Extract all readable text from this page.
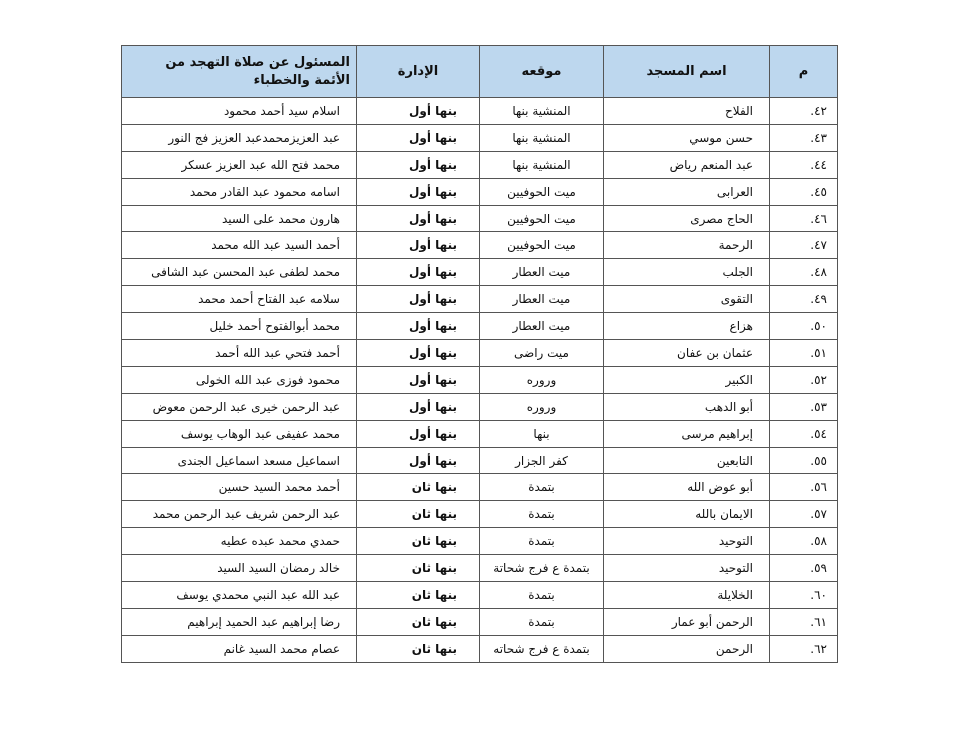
م	اسم المسجد	موقعه	الإدارة	المسئول عن صلاة التهجد من الأئمة والخطباء
٤٢.	الفلاح	المنشية بنها	بنها أول	اسلام سيد أحمد محمود
٤٣.	حسن موسي	المنشية بنها	بنها أول	عبد العزيزمحمدعبد العزيز فج النور
٤٤.	عبد المنعم رياض	المنشية بنها	بنها أول	محمد فتح الله عبد العزيز عسكر
٤٥.	العرابى	ميت الحوفيين	بنها أول	اسامه محمود عبد القادر محمد
٤٦.	الحاج مصرى	ميت الحوفيين	بنها أول	هارون محمد على السيد
٤٧.	الرحمة	ميت الحوفيين	بنها أول	أحمد السيد عبد الله محمد
٤٨.	الجلب	ميت العطار	بنها أول	محمد لطفى عبد المحسن عبد الشافى
٤٩.	التقوى	ميت العطار	بنها أول	سلامه عبد الفتاح أحمد محمد
٥٠.	هزاع	ميت العطار	بنها أول	محمد أبوالفتوح أحمد خليل
٥١.	عثمان بن عفان	ميت راضى	بنها أول	أحمد فتحي عبد الله أحمد
٥٢.	الكبير	وروره	بنها أول	محمود فوزى عبد الله الخولى
٥٣.	أبو الدهب	وروره	بنها أول	عبد الرحمن خيرى عبد الرحمن معوض
٥٤.	إبراهيم مرسى	بنها	بنها أول	محمد عفيفى عبد الوهاب يوسف
٥٥.	التابعين	كفر الجزار	بنها أول	اسماعيل مسعد اسماعيل الجندى
٥٦.	أبو عوض الله	بتمدة	بنها ثان	أحمد محمد السيد حسين
٥٧.	الايمان بالله	بتمدة	بنها ثان	عبد الرحمن شريف عبد الرحمن محمد
٥٨.	التوحيد	بتمدة	بنها ثان	حمدي محمد عبده عطيه
٥٩.	التوحيد	بتمدة ع فرج شحاتة	بنها ثان	خالد رمضان السيد السيد
٦٠.	الخلايلة	بتمدة	بنها ثان	عبد الله عبد النبي محمدي يوسف
٦١.	الرحمن أبو عمار	بتمدة	بنها ثان	رضا إبراهيم عبد الحميد إبراهيم
٦٢.	الرحمن	بتمدة ع فرج شحاته	بنها ثان	عصام محمد السيد غانم
